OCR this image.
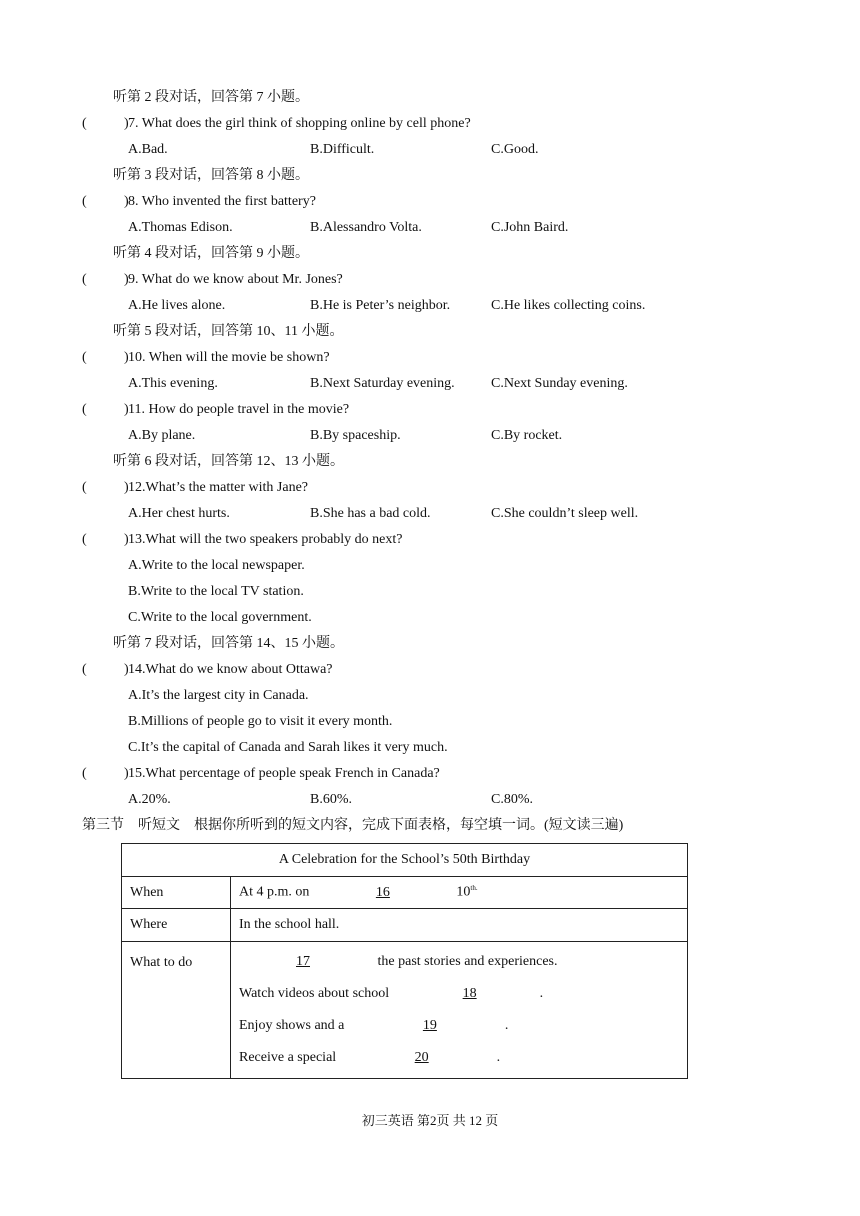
听第 2 段对话，回答第 7 小题。
(	) 7. What does the girl think of shopping online by cell phone?
A.Bad.	B.Difficult.	C.Good.
听第 3 段对话，回答第 8 小题。
(	) 8. Who invented the first battery?
A.Thomas Edison.	B.Alessandro Volta.	C.John Baird.
听第 4 段对话，回答第 9 小题。
(	) 9. What do we know about Mr. Jones?
A.He lives alone.	B.He is Peter’s neighbor.	C.He likes collecting coins.
听第 5 段对话，回答第 10、11 小题。
(	) 10. When will the movie be shown?
A.This evening.	B.Next Saturday evening.	C.Next Sunday evening.
(	) 11. How do people travel in the movie?
A.By plane.	B.By spaceship.	C.By rocket.
听第 6 段对话，回答第 12、13 小题。
(	) 12.What’s the matter with Jane?
A.Her chest hurts.	B.She has a bad cold.	C.She couldn’t sleep well.
(	) 13.What will the two speakers probably do next?
A.Write to the local newspaper.
B.Write to the local TV station.
C.Write to the local government.
听第 7 段对话，回答第 14、15 小题。
(	) 14.What do we know about Ottawa?
A.It’s the largest city in Canada.
B.Millions of people go to visit it every month.
C.It’s the capital of Canada and Sarah likes it very much.
(	) 15.What percentage of people speak French in Canada?
A.20%.	B.60%.	C.80%.
第三节　听短文　根据你所听到的短文内容，完成下面表格，每空填一词。(短文读三遍)
A Celebration for the School’s 50th Birthday	
When	At 4 p.m. on 16 $10^{th.}$
Where	In the school hall.
What to do	17 the past stories and experiences.
Watch videos about school 18 .
Enjoy shows and a 19 .
Receive a special 20 .
初三英语 第2页 共 12 页
